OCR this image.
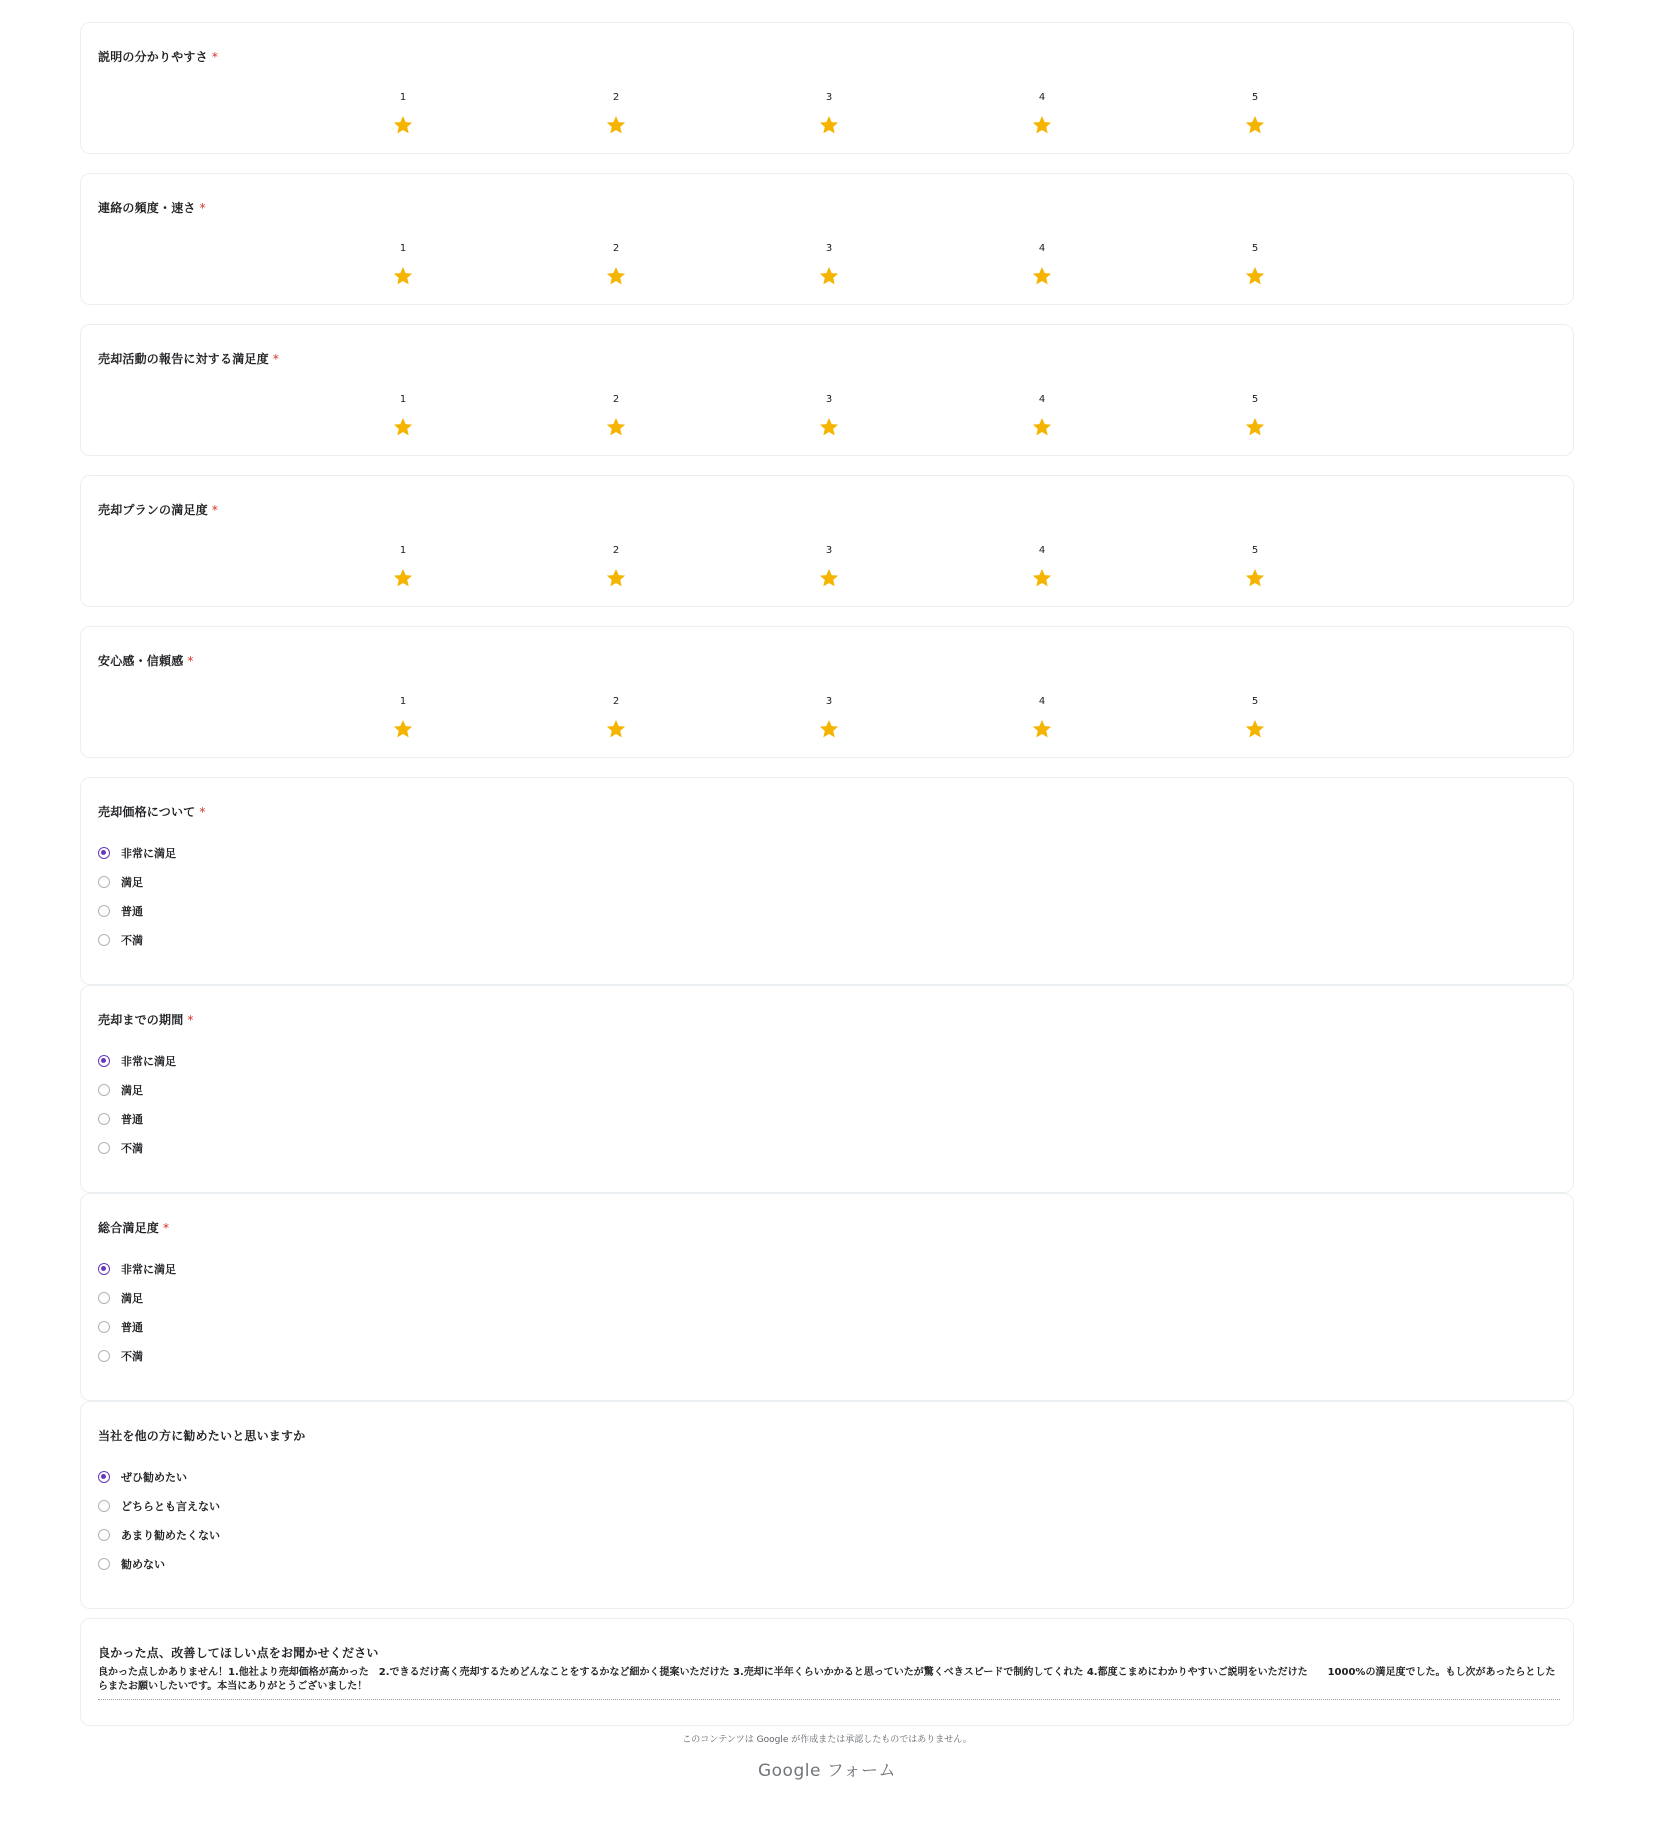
説明の分かりやすさ *
1	2	3	4	5
連絡の頻度・速さ *
1	2	3	4	5
売却活動の報告に対する満足度 *
1	2	3	4	5
売却プランの満足度 *
1	2	3	4	5
安心感・信頼感 *
1	2	3	4	5
売却価格について *
非常に満足
満足
普通
不満
売却までの期間 *
非常に満足
満足
普通
不満
総合満足度 *
非常に満足
満足
普通
不満
当社を他の方に勧めたいと思いますか
ぜひ勧めたい
どちらとも言えない
あまり勧めたくない
勧めない
良かった点、改善してほしい点をお聞かせください
良かった点しかありません！1.他社より売却価格が高かった　2.できるだけ高く売却するためどんなことをするかなど細かく提案いただけた 3.売却に半年くらいかかると思っていたが驚くべきスピードで制約してくれた 4.都度こまめにわかりやすいご説明をいただけた　　1000%の満足度でした。もし次があったらとしたらまたお願いしたいです。本当にありがとうございました！
このコンテンツは Google が作成または承認したものではありません。
Google フォーム
